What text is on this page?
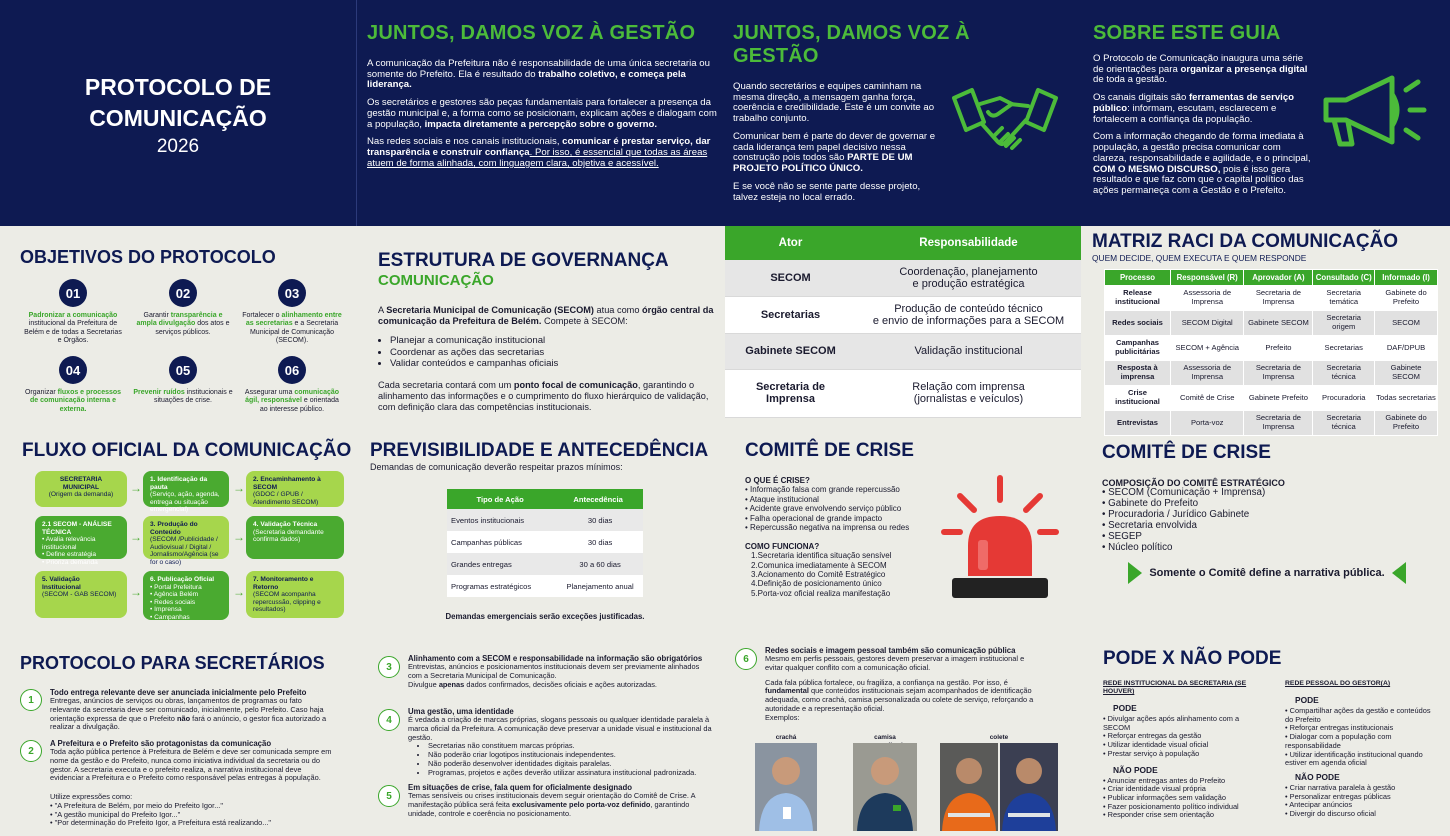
PROTOCOLO DE
COMUNICAÇÃO
2026
JUNTOS, DAMOS VOZ À GESTÃO

A comunicação da Prefeitura não é responsabilidade de uma única secretaria ou somente do Prefeito. Ela é resultado do trabalho coletivo, e começa pela liderança.

Os secretários e gestores são peças fundamentais para fortalecer a presença da gestão municipal e, a forma como se posicionam, explicam ações e dialogam com a população, impacta diretamente a percepção sobre o governo.

Nas redes sociais e nos canais institucionais, comunicar é prestar serviço, dar transparência e construir confiança. Por isso, é essencial que todas as áreas atuem de forma alinhada, com linguagem clara, objetiva e acessível.

JUNTOS, DAMOS VOZ À GESTÃO

Quando secretários e equipes caminham na mesma direção, a mensagem ganha força, coerência e credibilidade. Este é um convite ao trabalho conjunto.

Comunicar bem é parte do dever de governar e cada liderança tem papel decisivo nessa construção pois todos são PARTE DE UM PROJETO POLÍTICO ÚNICO.

E se você não se sente parte desse projeto, talvez esteja no local errado.

SOBRE ESTE GUIA

O Protocolo de Comunicação inaugura uma série de orientações para organizar a presença digital de toda a gestão.

Os canais digitais são ferramentas de serviço público: informam, escutam, esclarecem e fortalecem a confiança da população.

Com a informação chegando de forma imediata à população, a gestão precisa comunicar com clareza, responsabilidade e agilidade, e o principal, COM O MESMO DISCURSO, pois é isso gera resultado e que faz com que o capital político das ações permaneça com a Gestão e o Prefeito.

OBJETIVOS DO PROTOCOLO
01
Padronizar a comunicação institucional da Prefeitura de Belém e de todas a Secretarias e Órgãos.
02
Garantir transparência e ampla divulgação dos atos e serviços públicos.
03
Fortalecer o alinhamento entre as secretarias e a Secretaria Municipal de Comunicação (SECOM).
04
Organizar fluxos e processos de comunicação interna e externa.
05
Prevenir ruídos institucionais e situações de crise.
06
Assegurar uma comunicação ágil, responsável e orientada ao interesse público.
ESTRUTURA DE GOVERNANÇA
COMUNICAÇÃO
A Secretaria Municipal de Comunicação (SECOM) atua como órgão central da comunicação da Prefeitura de Belém. Compete à SECOM:
• Planejar a comunicação institucional
• Coordenar as ações das secretarias
• Validar conteúdos e campanhas oficiais
Cada secretaria contará com um ponto focal de comunicação, garantindo o alinhamento das informações e o cumprimento do fluxo hierárquico de validação, com definição clara das competências institucionais.
Ator	Responsabilidade
SECOM	Coordenação, planejamento
e produção estratégica

Secretarias	Produção de conteúdo técnico
e envio de informações para a SECOM

Gabinete SECOM	Validação institucional
Secretaria de Imprensa	Relação com imprensa
(jornalistas e veículos)
MATRIZ RACI DA COMUNICAÇÃO
QUEM DECIDE, QUEM EXECUTA E QUEM RESPONDE
Processo	Responsável (R)	Aprovador (A)	Consultado (C)	Informado (I)
Release institucional	Assessoria de Imprensa	Secretaria de Imprensa	Secretaria temática	Gabinete do Prefeito
Redes sociais	SECOM Digital	Gabinete SECOM	Secretaria origem	SECOM
Campanhas publicitárias	SECOM + Agência	Prefeito	Secretarias	DAF/DPUB
Resposta à imprensa	Assessoria de Imprensa	Secretaria de Imprensa	Secretaria técnica	Gabinete SECOM
Crise institucional	Comitê de Crise	Gabinete Prefeito	Procuradoria	Todas secretarias
Entrevistas	Porta-voz	Secretaria de Imprensa	Secretaria técnica	Gabinete do Prefeito
FLUXO OFICIAL DA COMUNICAÇÃO
SECRETARIA MUNICIPAL
(Origem da demanda)
1. Identificação da pauta
(Serviço, ação, agenda, entrega ou situação emergencial)
2. Encaminhamento à SECOM
(GDOC / GPUB / Atendimento SECOM)
2.1 SECOM - ANÁLISE TÉCNICA
• Avalia relevância institucional
• Define estratégia
• Prioriza demanda
3. Produção do Conteúdo
(SECOM /Publicidade / Audiovisual / Digital / Jornalismo/Agência (se for o caso)
4. Validação Técnica
(Secretaria demandante confirma dados)
5. Validação Institucional
(SECOM - GAB SECOM)
6. Publicação Oficial
• Portal Prefeitura
• Agência Belém
• Redes sociais
• Imprensa
• Campanhas
7. Monitoramento e Retorno
(SECOM acompanha repercussão, clipping e resultados)
→	→
→	→
→	→
PREVISIBILIDADE E ANTECEDÊNCIA
Demandas de comunicação deverão respeitar prazos mínimos:
Tipo de Ação	Antecedência
Eventos institucionais	30 dias
Campanhas públicas	30 dias
Grandes entregas	30 a 60 dias
Programas estratégicos	Planejamento anual
Demandas emergenciais serão exceções justificadas.
COMITÊ DE CRISE
O QUE É CRISE?
• Informação falsa com grande repercussão
• Ataque institucional
• Acidente grave envolvendo serviço público
• Falha operacional de grande impacto
• Repercussão negativa na imprensa ou redes
COMO FUNCIONA?
1.Secretaria identifica situação sensível
2.Comunica imediatamente à SECOM
3.Acionamento do Comitê Estratégico
4.Definição de posicionamento único
5.Porta-voz oficial realiza manifestação
COMITÊ DE CRISE
COMPOSIÇÃO DO COMITÊ ESTRATÉGICO
• SECOM (Comunicação + Imprensa)
• Gabinete do Prefeito
• Procuradoria / Jurídico Gabinete
• Secretaria envolvida
• SEGEP
• Núcleo político
Somente o Comitê define a narrativa pública.
PROTOCOLO PARA SECRETÁRIOS
1
Todo entrega relevante deve ser anunciada inicialmente pelo Prefeito
Entregas, anúncios de serviços ou obras, lançamentos de programas ou fato relevante da secretaria deve ser comunicado, inicialmente, pelo Prefeito. Caso haja orientação expressa de que o Prefeito não fará o anúncio, o gestor fica autorizado a realizar a divulgação.
2
A Prefeitura e o Prefeito são protagonistas da comunicação
Toda ação pública pertence à Prefeitura de Belém e deve ser comunicada sempre em nome da gestão e do Prefeito, nunca como iniciativa individual da secretaria ou do gestor. A secretaria executa e o prefeito realiza, a narrativa institucional deve evidenciar a Prefeitura e o Prefeito como responsável pelas entregas à população.
Utilize expressões como:
• "A Prefeitura de Belém, por meio do Prefeito Igor..."
• "A gestão municipal do Prefeito Igor..."
• "Por determinação do Prefeito Igor, a Prefeitura está realizando..."
3
Alinhamento com a SECOM e responsabilidade na informação são obrigatórios
Entrevistas, anúncios e posicionamentos institucionais devem ser previamente alinhados com a Secretaria Municipal de Comunicação.
Divulgue apenas dados confirmados, decisões oficiais e ações autorizadas.
4
Uma gestão, uma identidade
É vedada a criação de marcas próprias, slogans pessoais ou qualquer identidade paralela à marca oficial da Prefeitura. A comunicação deve preservar a unidade visual e institucional da gestão.
• Secretarias não constituem marcas próprias.
• Não poderão criar logotipos institucionais independentes.
• Não poderão desenvolver identidades digitais paralelas.
• Programas, projetos e ações deverão utilizar assinatura institucional padronizada.
5
Em situações de crise, fala quem for oficialmente designado
Temas sensíveis ou crises institucionais devem seguir orientação do Comitê de Crise. A manifestação pública será feita exclusivamente pelo porta-voz definido, garantindo unidade, controle e coerência no posicionamento.
6
Redes sociais e imagem pessoal também são comunicação pública
Mesmo em perfis pessoais, gestores devem preservar a imagem institucional e evitar qualquer conflito com a comunicação oficial.
Cada fala pública fortalece, ou fragiliza, a confiança na gestão. Por isso, é fundamental que conteúdos institucionais sejam acompanhados de identificação adequada, como crachá, camisa personalizada ou colete de serviço, reforçando a autoridade e a representação oficial.
Exemplos:
crachá	camisa	colete
PODE X NÃO PODE
REDE INSTITUCIONAL DA SECRETARIA (SE HOUVER)
PODE
• Divulgar ações após alinhamento com a SECOM
• Reforçar entregas da gestão
• Utilizar identidade visual oficial
• Prestar serviço à população
NÃO PODE
• Anunciar entregas antes do Prefeito
• Criar identidade visual própria
• Publicar informações sem validação
• Fazer posicionamento político individual
• Responder crise sem orientação
REDE PESSOAL DO GESTOR(A)
PODE
• Compartilhar ações da gestão e conteúdos do Prefeito
• Reforçar entregas institucionais
• Dialogar com a população com responsabilidade
• Utilizar identificação institucional quando estiver em agenda oficial
NÃO PODE
• Criar narrativa paralela à gestão
• Personalizar entregas públicas
• Antecipar anúncios
• Divergir do discurso oficial
